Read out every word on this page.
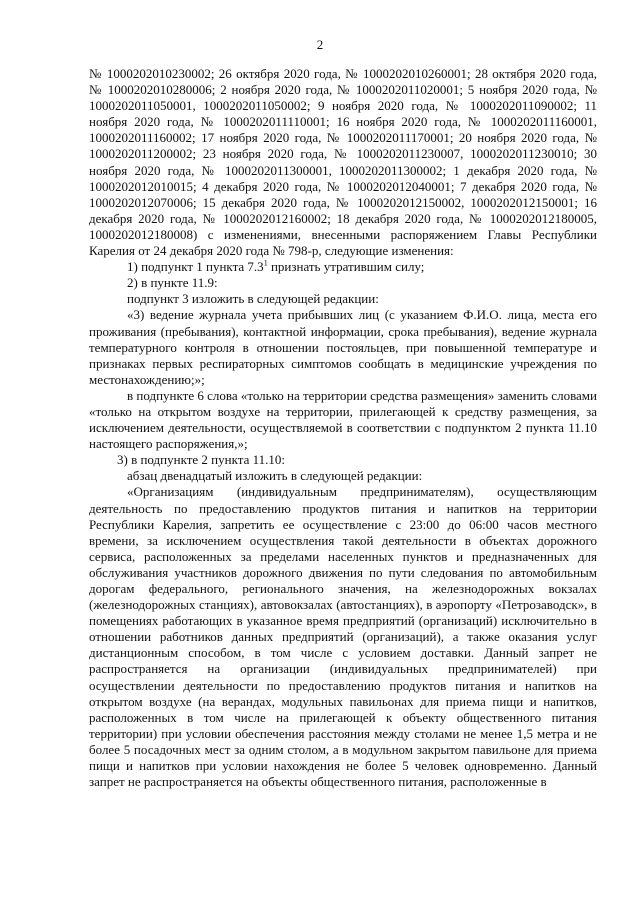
2

№ 1000202010230002; 26 октября 2020 года, № 1000202010260001; 28 октября 2020 года, № 1000202010280006; 2 ноября 2020 года, № 1000202011020001; 5 ноября 2020 года, № 1000202011050001, 1000202011050002; 9 ноября 2020 года, № 1000202011090002; 11 ноября 2020 года, № 1000202011110001; 16 ноября 2020 года, № 1000202011160001, 1000202011160002; 17 ноября 2020 года, № 1000202011170001; 20 ноября 2020 года, № 1000202011200002; 23 ноября 2020 года, № 1000202011230007, 1000202011230010; 30 ноября 2020 года, № 1000202011300001, 1000202011300002; 1 декабря 2020 года, № 1000202012010015; 4 декабря 2020 года, № 1000202012040001; 7 декабря 2020 года, № 1000202012070006; 15 декабря 2020 года, № 1000202012150002, 1000202012150001; 16 декабря 2020 года, № 1000202012160002; 18 декабря 2020 года, № 1000202012180005, 1000202012180008) с изменениями, внесенными распоряжением Главы Республики Карелия от 24 декабря 2020 года № 798-р, следующие изменения:

1) подпункт 1 пункта $7.3^1$ признать утратившим силу;

2) в пункте 11.9:

подпункт 3 изложить в следующей редакции:

«3) ведение журнала учета прибывших лиц (с указанием Ф.И.О. лица, места его проживания (пребывания), контактной информации, срока пребывания), ведение журнала температурного контроля в отношении постояльцев, при повышенной температуре и признаках первых респираторных симптомов сообщать в медицинские учреждения по местонахождению;»;

в подпункте 6 слова «только на территории средства размещения» заменить словами «только на открытом воздухе на территории, прилегающей к средству размещения, за исключением деятельности, осуществляемой в соответствии с подпунктом 2 пункта 11.10 настоящего распоряжения,»;

3) в подпункте 2 пункта 11.10:

абзац двенадцатый изложить в следующей редакции:

«Организациям (индивидуальным предпринимателям), осуществляющим деятельность по предоставлению продуктов питания и напитков на территории Республики Карелия, запретить ее осуществление с 23:00 до 06:00 часов местного времени, за исключением осуществления такой деятельности в объектах дорожного сервиса, расположенных за пределами населенных пунктов и предназначенных для обслуживания участников дорожного движения по пути следования по автомобильным дорогам федерального, регионального значения, на железнодорожных вокзалах (железнодорожных станциях), автовокзалах (автостанциях), в аэропорту «Петрозаводск», в помещениях работающих в указанное время предприятий (организаций) исключительно в отношении работников данных предприятий (организаций), а также оказания услуг дистанционным способом, в том числе с условием доставки. Данный запрет не распространяется на организации (индивидуальных предпринимателей) при осуществлении деятельности по предоставлению продуктов питания и напитков на открытом воздухе (на верандах, модульных павильонах для приема пищи и напитков, расположенных в том числе на прилегающей к объекту общественного питания территории) при условии обеспечения расстояния между столами не менее 1,5 метра и не более 5 посадочных мест за одним столом, а в модульном закрытом павильоне для приема пищи и напитков при условии нахождения не более 5 человек одновременно. Данный запрет не распространяется на объекты общественного питания, расположенные в
